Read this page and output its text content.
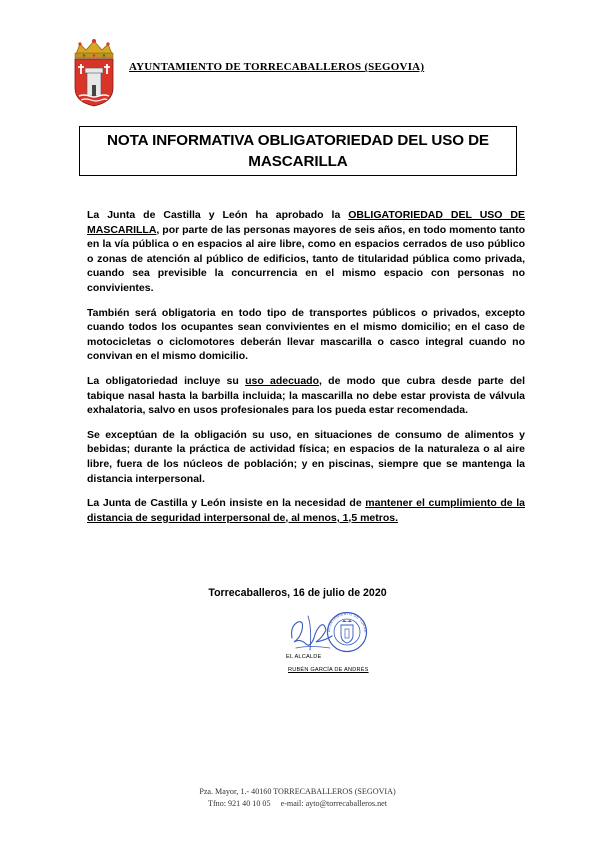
AYUNTAMIENTO DE TORRECABALLEROS (SEGOVIA)
NOTA INFORMATIVA OBLIGATORIEDAD DEL USO DE
MASCARILLA

La Junta de Castilla y León ha aprobado la OBLIGATORIEDAD DEL USO DE MASCARILLA, por parte de las personas mayores de seis años, en todo momento tanto en la vía pública o en espacios al aire libre, como en espacios cerrados de uso público o zonas de atención al público de edificios, tanto de titularidad pública como privada, cuando sea previsible la concurrencia en el mismo espacio con personas no convivientes.

También será obligatoria en todo tipo de transportes públicos o privados, excepto cuando todos los ocupantes sean convivientes en el mismo domicilio; en el caso de motocicletas o ciclomotores deberán llevar mascarilla o casco integral cuando no convivan en el mismo domicilio.

La obligatoriedad incluye su uso adecuado, de modo que cubra desde parte del tabique nasal hasta la barbilla incluida; la mascarilla no debe estar provista de válvula exhalatoria, salvo en usos profesionales para los pueda estar recomendada.

Se exceptúan de la obligación su uso, en situaciones de consumo de alimentos y bebidas; durante la práctica de actividad física; en espacios de la naturaleza o al aire libre, fuera de los núcleos de población; y en piscinas, siempre que se mantenga la distancia interpersonal.

La Junta de Castilla y León insiste en la necesidad de mantener el cumplimiento de la distancia de seguridad interpersonal de, al menos, 1,5 metros.

Torrecaballeros, 16 de julio de 2020
AYUNTAMIENTO DE TORRE
EL ALCALDE
RUBÉN GARCÍA DE ANDRÉS
Pza. Mayor, 1.- 40160 TORRECABALLEROS (SEGOVIA)
Tfno: 921 40 10 05     e-mail: ayto@torrecaballeros.net
